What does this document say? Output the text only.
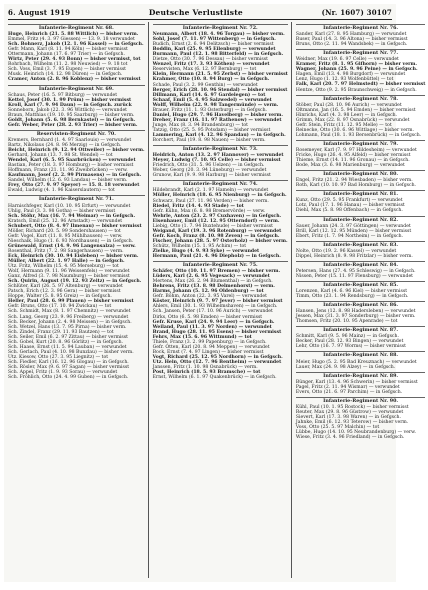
6. August 1919	Deutsche Verlustliste	(Nr. 1607) 30107
Infanterie-Regiment Nr. 68.
Huge, Heinrich (21. 5. 88 Wittlich) — bisher verm.
Emmel, Fritz (4. 3. 97 Giessen) — 13. 9. 18 verwundet
Sch. Bohnerz, Jakob (12. 1. 96 Kassel) — in Gefgsch.
Gefr. Mann, Karl (8. 11. 94 Köln) — bisher vermisst
Ottermann, Johann (17. 6. 97 Trier) — in Gefgsch.
Wirtz, Peter (29. 4. 93 Bonn) — bisher vermisst, tot
Rohrbach, Wilhelm (11. 2. 98 Neuwied) — 9. 18 tot
Sch. Voss, Emil (3. 7. 95 Eupen) — bisher vermisst
Musk. Heinrich (14. 12. 98 Düren) — in Gefgsch.
Cramer, Anton (2. 8. 96 Koblenz) — bisher vermisst
Infanterie-Regiment Nr. 69.
Schaus, Peter (16. 5. 97 Bitburg) — verwundet
Kettel, Josef (30. 1. 99 Prüm) — bisher vermisst
Kroll, Karl (7. 9. 94 Daun) — in Gefgsch. zurück
Sonneborn, Jakob (22. 3. 96 Wittlich) — verwundet
Braun, Matthias (19. 10. 95 Saarburg) — bisher verm.
Goldt, Johann (5. 6. 98 Bernkastel) — in Gefgsch.
Gefr. Weber, Peter (28. 2. 93 Trier) — bisher verm.
Reservisten-Regiment Nr. 70.
Kremers, Bernhard (1. 4. 97 Saarlouis) — verwundet
Bartz, Nikolaus (24. 8. 96 Merzig) — in Gefgsch.
Beicht, Heinrich (9. 12. 94 Ottweiler) — bisher verm.
Gerhard, Johann (13. 7. 98 St. Wendel) — tot
Wendel, Karl (6. 5. 95 Saarbrücken) — verwundet
Bastian, Peter (18. 3. 97 Homburg) — bisher vermisst
Hoffmann, Franz (21. 11. 96 Zweibrücken) — verw.
Kaufmann, Josef (2. 2. 99 Pirmasens) — in Gefgsch.
Sandel, Wilhelm (12. 6. 93 Landau) — bisher verm.
Frey, Otto (27. 9. 97 Speyer) — 15. 8. 18 verwundet
Ewald, Ludwig (4. 1. 96 Kaiserslautern) — tot
Infanterie-Regiment Nr. 71.
Harnischfeger, Karl (10. 10. 95 Erfurt) — verwundet
Uhlig, Paul (3. 3. 98 Gotha) — bisher vermisst
Sch. Stöhr, Max (16. 7. 94 Weimar) — in Gefgsch.
Kratsch, Emil (25. 12. 96 Arnstadt) — verwundet
Schubert, Otto (8. 4. 97 Ilmenau) — bisher vermisst
Möller, Richard (20. 5. 99 Sondershausen) — tot
Gefr. Vogel, Kurt (11. 8. 95 Mühlhausen) — verw.
Nieschalk, Hugo (1. 6. 93 Nordhausen) — in Gefgsch.
Grünewald, Ernst (14. 9. 96 Langensalza) — verw.
Rosenthal, Fritz (7. 2. 98 Sangerhausen) — verm.
Eck, Heinrich (30. 10. 94 Eisleben) — bisher verm.
Müller, Albert (22. 1. 97 Halle) — in Gefgsch.
Utz. Fritz, Wilhelm (15. 4. 95 Merseburg) — tot
Wolf, Hermann (9. 11. 96 Weissenfels) — verwundet
Ganz, Alfred (3. 7. 98 Naumburg) — bisher vermisst
Sch. Quirin, August (19. 12. 93 Zeitz) — in Gefgsch.
Schlüter, Karl (26. 5. 97 Altenburg) — verwundet
Patsch, Erich (12. 3. 96 Gera) — bisher vermisst
Hoppe, Walter (5. 8. 95 Greiz) — in Gefgsch.
Heller, Paul (28. 6. 99 Plauen) — bisher vermisst
Gefr. Bruns, Otto (17. 10. 94 Zwickau) — tot
Sch. Schmidt, Max (8. 1. 97 Chemnitz) — verwundet
Sch. Lang, Georg (23. 9. 96 Freiberg) — verwundet
Sch. Becker, Johann (2. 4. 98 Meissen) — in Gefgsch.
Sch. Wetzel, Hans (13. 7. 95 Pirna) — bisher verm.
Sch. Zindel, Franz (29. 11. 93 Bautzen) — tot
Sch. Seiler, Emil (6. 2. 97 Zittau) — bisher vermisst
Sch. Gobel, Kurt (20. 8. 96 Görlitz) — in Gefgsch.
Sch. Haase, Ernst (11. 5. 94 Lauban) — verwundet
Sch. Gerlach, Paul (4. 10. 98 Bunzlau) — bisher verm.
Utz. Kiesow, Otto (27. 3. 95 Liegnitz) — tot
Sch. Fiedler, Karl (16. 12. 96 Glogau) — in Gefgsch.
Sch. Rösler, Max (9. 6. 97 Sagan) — bisher vermisst
Sch. Appel, Fritz (1. 9. 93 Sorau) — verwundet
Sch. Fröhlich, Otto (24. 4. 99 Guben) — in Gefgsch.
Infanterie-Regiment Nr. 72.
Neumann, Albert (18. 4. 96 Torgau) — bisher verm.
Sohl, Josef (7. 11. 97 Wittenberg) — in Gefgsch.
Budich, Ernst (2. 6. 94 Delitzsch) — bisher vermisst
Boddin, Karl (25. 9. 95 Eilenburg) — verwundet
Burmann, Paul (12. 1. 98 Bitterfeld) — in Gefgsch.
Dietze, Otto (30. 7. 96 Dessau) — bisher vermisst
Wenzel, Fritz (17. 3. 93 Köthen) — verwundet
Reservisten, Max (6. 12. 97 Bernburg) — tot
Klein, Hermann (21. 5. 95 Zerbst) — bisher vermisst
Krahmer, Otto (10. 8. 94 Burg) — in Gefgsch.
Schade, Paul (3. 2. 99 Genthin) — verwundet
Berger, Erich (28. 10. 96 Stendal) — bisher vermisst
Dillmann, Karl (14. 6. 97 Gardelegen) — tot
Schaaf, Emil (5. 4. 95 Salzwedel) — verwundet
Wolff, Wilhelm (22. 9. 98 Tangermünde) — verm.
Brauer, Fritz (11. 1. 93 Osterburg) — in Gefgsch.
Daniel, Hugo (29. 7. 96 Havelberg) — bisher verm.
Dreher, Franz (16. 11. 97 Rathenow) — verwundet
Junge, Max (8. 3. 94 Brandenburg) — tot
Tatzig, Otto (25. 5. 95 Potsdam) — bisher vermisst
Lammering, Karl (4. 12. 96 Spandau) — in Gefgsch.
Borchert, Paul (19. 8. 98 Nauen) — bisher verm.
Infanterie-Regiment Nr. 73.
Heidrich, Anton (13. 2. 97 Hannover) — verwundet
Meyer, Ludwig (7. 10. 95 Celle) — bisher vermisst
Friedrich, Otto (31. 5. 96 Uelzen) — in Gefgsch.
Weber, Georg (20. 3. 94 Lüneburg) — verwundet
Grunow, Karl (9. 9. 98 Harburg) — bisher vermisst
Infanterie-Regiment Nr. 74.
Hildebrandt, Karl (2. 1. 97 Hameln) — verwundet
Müller, Heinrich (18. 6. 95 Nienburg) — in Gefgsch.
Schwarz, Paul (27. 11. 96 Verden) — bisher verm.
Riedel, Fritz (14. 4. 93 Stade) — tot
Gefr. Kühn, Max (6. 8. 98 Bremervörde) — verw.
Wehrle, Anton (23. 2. 97 Cuxhaven) — in Gefgsch.
Eisenhauer, Emil (12. 12. 95 Otterndorf) — verm.
Liebig, Otto (1. 7. 94 Buxtehude) — bisher vermisst
Weigand, Karl (19. 3. 96 Rotenburg) — verwundet
Gefr. Koch, Franz (8. 10. 98 Zeven) — in Gefgsch.
Fischer, Johann (28. 5. 97 Osterholz) — bisher verm.
Schütz, Wilhelm (15. 1. 95 Achim) — tot
Zielke, Hugo (4. 9. 93 Syke) — verwundet
Hermann, Paul (21. 4. 96 Diepholz) — in Gefgsch.
Infanterie-Regiment Nr. 75.
Schäfer, Otto (10. 11. 97 Bremen) — bisher verm.
Lüders, Karl (2. 6. 95 Vegesack) — verwundet
Mertens, Max (26. 2. 94 Blumenthal) — in Gefgsch.
Behrens, Fritz (13. 8. 98 Delmenhorst) — verm.
Harms, Johann (5. 12. 96 Oldenburg) — tot
Gefr. Böhm, Anton (22. 3. 95 Varel) — verwundet
Köster, Heinrich (9. 7. 97 Jever) — bisher vermisst
Ahlers, Emil (30. 1. 93 Wilhelmshaven) — in Gefgsch.
Sch. Jansen, Peter (17. 10. 96 Aurich) — verwundet
Dirks, Otto (6. 5. 98 Emden) — bisher vermisst
Gefr. Kruse, Karl (24. 9. 94 Leer) — in Gefgsch.
Weiland, Paul (11. 3. 97 Norden) — verwundet
Brand, Hugo (28. 11. 95 Esens) — bisher vermisst
Fehrs, Max (15. 6. 96 Wittmund) — tot
Thiele, Franz (3. 2. 99 Papenburg) — in Gefgsch.
Gefr. Otten, Karl (20. 8. 94 Meppen) — verwundet
Bock, Ernst (7. 4. 97 Lingen) — bisher vermisst
Vogt, Richard (25. 12. 95 Nordhorn) — in Gefgsch.
Utz. Hein, Otto (12. 7. 96 Bentheim) — verwundet
Janssen, Fritz (1. 10. 98 Osnabrück) — verm.
Post, Heinrich (18. 5. 93 Bramsche) — tot
Ernst, Wilhelm (6. 1. 97 Quakenbrück) — in Gefgsch.
Infanterie-Regiment Nr. 76.
Sander, Karl (27. 8. 95 Hamburg) — verwundet
Ruser, Paul (14. 3. 96 Altona) — bisher vermisst
Bruns, Otto (2. 11. 94 Wandsbek) — in Gefgsch.
Infanterie-Regiment Nr. 77.
Weidner, Max (19. 6. 97 Celle) — verwundet
Kramer, Fritz (8. 1. 95 Gifhorn) — bisher verm.
Wagner, Johann (25. 9. 96 Peine) — in Gefgsch.
Hagen, Emil (13. 4. 98 Burgdorf) — verwundet
Lenz, Hugo (1. 12. 93 Wolfenbüttel) — tot
Falk, Karl (20. 7. 97 Helmstedt) — bisher vermisst
Hentze, Otto (9. 2. 95 Braunschweig) — in Gefgsch.
Infanterie-Regiment Nr. 78.
Stöber, Paul (28. 10. 96 Aurich) — verwundet
Oltmanns, Jan (16. 5. 94 Emden) — bisher vermisst
Hinrichs, Karl (4. 3. 98 Leer) — in Gefgsch.
Grimm, Max (22. 8. 97 Osnabrück) — verwundet
Gefr. Stein, Fritz (11. 12. 95 Melle) — tot
Reinecke, Otto (30. 6. 96 Wittlage) — bisher verm.
Lohmann, Paul (18. 1. 93 Bersenbrück) — in Gefgsch.
Infanterie-Regiment Nr. 79.
Rosemeyer, Karl (7. 9. 97 Hildesheim) — verwundet
Fricke, Hugo (26. 4. 95 Alfeld) — bisher vermisst
Thieme, Ernst (14. 11. 96 Gronau) — in Gefgsch.
Bode, Max (3. 6. 98 Marienburg) — verwundet
Infanterie-Regiment Nr. 80.
Engel, Fritz (21. 2. 94 Wiesbaden) — bisher verm.
Roth, Karl (10. 10. 97 Bad Homburg) — in Gefgsch.
Infanterie-Regiment Nr. 81.
Kunz, Otto (29. 5. 95 Frankfurt) — verwundet
Lotz, Paul (17. 1. 96 Hanau) — bisher vermisst
Diehl, Max (5. 8. 98 Offenbach) — in Gefgsch.
Infanterie-Regiment Nr. 82.
Sauer, Johann (24. 3. 97 Göttingen) — verwundet
Brill, Karl (12. 12. 95 Münden) — bisher vermisst
Ebert, Fritz (1. 7. 94 Northeim) — in Gefgsch.
Infanterie-Regiment Nr. 83.
Nolte, Otto (19. 2. 96 Kassel) — verwundet
Dippel, Heinrich (8. 9. 98 Fritzlar) — bisher verm.
Infanterie-Regiment Nr. 84.
Petersen, Hans (27. 4. 95 Schleswig) — in Gefgsch.
Nissen, Peter (15. 11. 97 Flensburg) — verwundet
Infanterie-Regiment Nr. 85.
Lorenzen, Karl (4. 6. 96 Kiel) — bisher vermisst
Timm, Otto (23. 1. 94 Rendsburg) — in Gefgsch.
Infanterie-Regiment Nr. 86.
Hansen, Jens (12. 8. 98 Hadersleben) — verwundet
Jessen, Max (31. 3. 97 Sonderburg) — bisher verm.
Thomsen, Fritz (20. 10. 95 Apenrade) — tot
Infanterie-Regiment Nr. 87.
Schmitt, Karl (9. 5. 96 Mainz) — in Gefgsch.
Becker, Paul (28. 12. 93 Bingen) — verwundet
Lehr, Otto (16. 7. 97 Worms) — bisher vermisst
Infanterie-Regiment Nr. 88.
Meier, Hugo (5. 2. 95 Bad Kreuznach) — verwundet
Lauer, Max (24. 9. 98 Alzey) — in Gefgsch.
Infanterie-Regiment Nr. 89.
Bünger, Karl (13. 4. 96 Schwerin) — bisher vermisst
Pagel, Fritz (2. 11. 94 Wismar) — verwundet
Evers, Otto (21. 6. 97 Parchim) — in Gefgsch.
Infanterie-Regiment Nr. 90.
Kühl, Paul (10. 1. 95 Rostock) — bisher vermisst
Reuter, Max (29. 8. 96 Güstrow) — verwundet
Sievert, Karl (17. 3. 98 Waren) — in Gefgsch.
Jahnke, Emil (6. 12. 93 Teterow) — bisher verm.
Voss, Otto (25. 5. 97 Malchin) — tot
Lübbe, Hugo (14. 10. 95 Neubrandenburg) — verw.
Wiese, Fritz (3. 4. 96 Friedland) — in Gefgsch.
